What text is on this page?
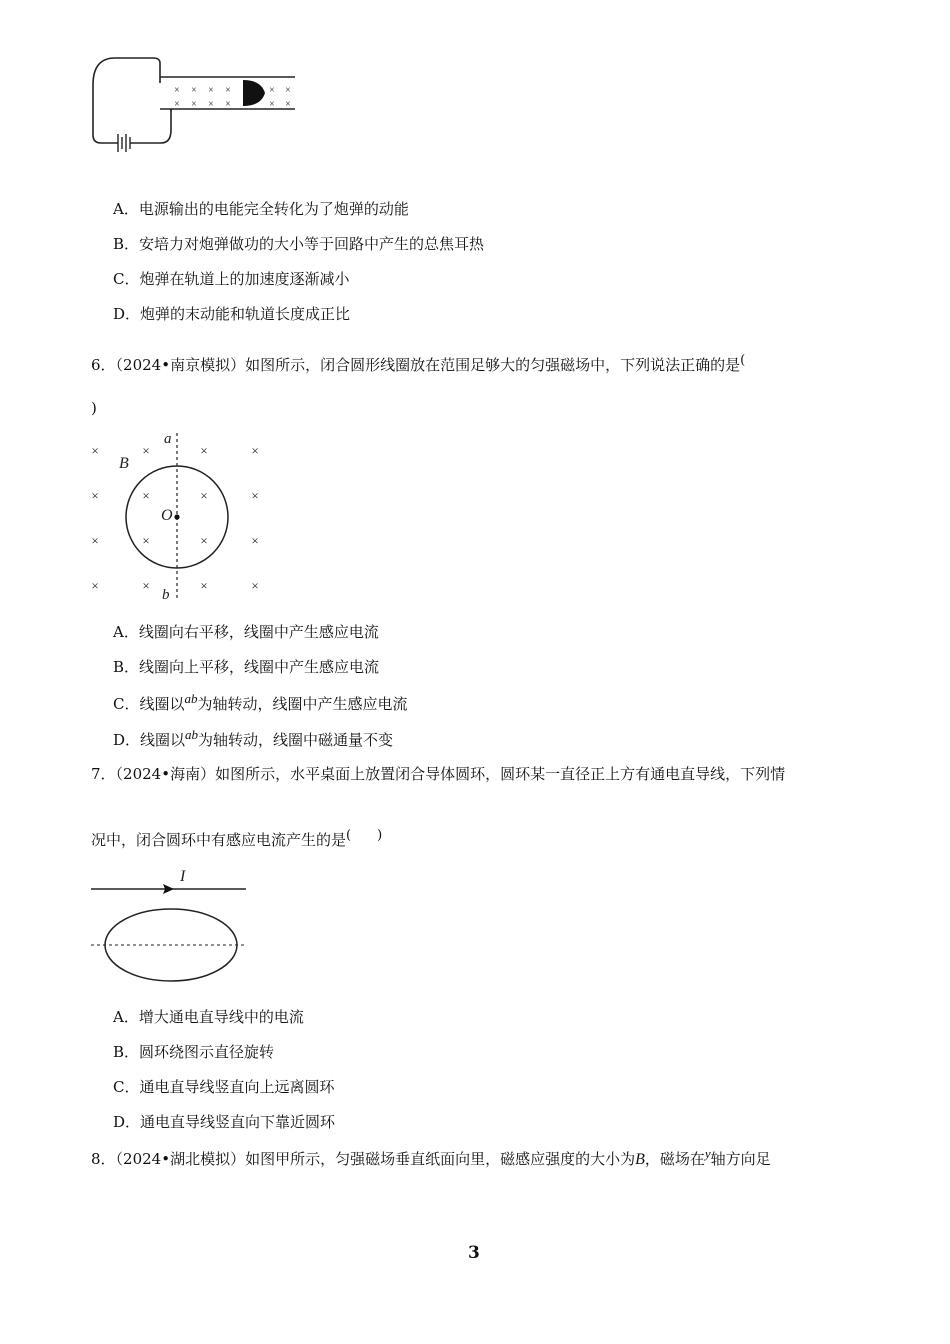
× × × ×	× ×
× × × ×	× ×
A．电源输出的电能完全转化为了炮弹的动能
B．安培力对炮弹做功的大小等于回路中产生的总焦耳热
C．炮弹在轨道上的加速度逐渐减小
D．炮弹的末动能和轨道长度成正比
6．（2024•南京模拟）如图所示，闭合圆形线圈放在范围足够大的匀强磁场中，下列说法正确的是(
)
×	×	×	×
×	×	×	×
×	×	×	×
×	×	×	×
a
b
B
O
A．线圈向右平移，线圈中产生感应电流
B．线圈向上平移，线圈中产生感应电流
C．线圈以ab为轴转动，线圈中产生感应电流
D．线圈以ab为轴转动，线圈中磁通量不变
7．（2024•海南）如图所示，水平桌面上放置闭合导体圆环，圆环某一直径正上方有通电直导线，下列情
况中，闭合圆环中有感应电流产生的是(　　)
I
A．增大通电直导线中的电流
B．圆环绕图示直径旋转
C．通电直导线竖直向上远离圆环
D．通电直导线竖直向下靠近圆环
8．（2024•湖北模拟）如图甲所示，匀强磁场垂直纸面向里，磁感应强度的大小为B，磁场在y轴方向足
3
